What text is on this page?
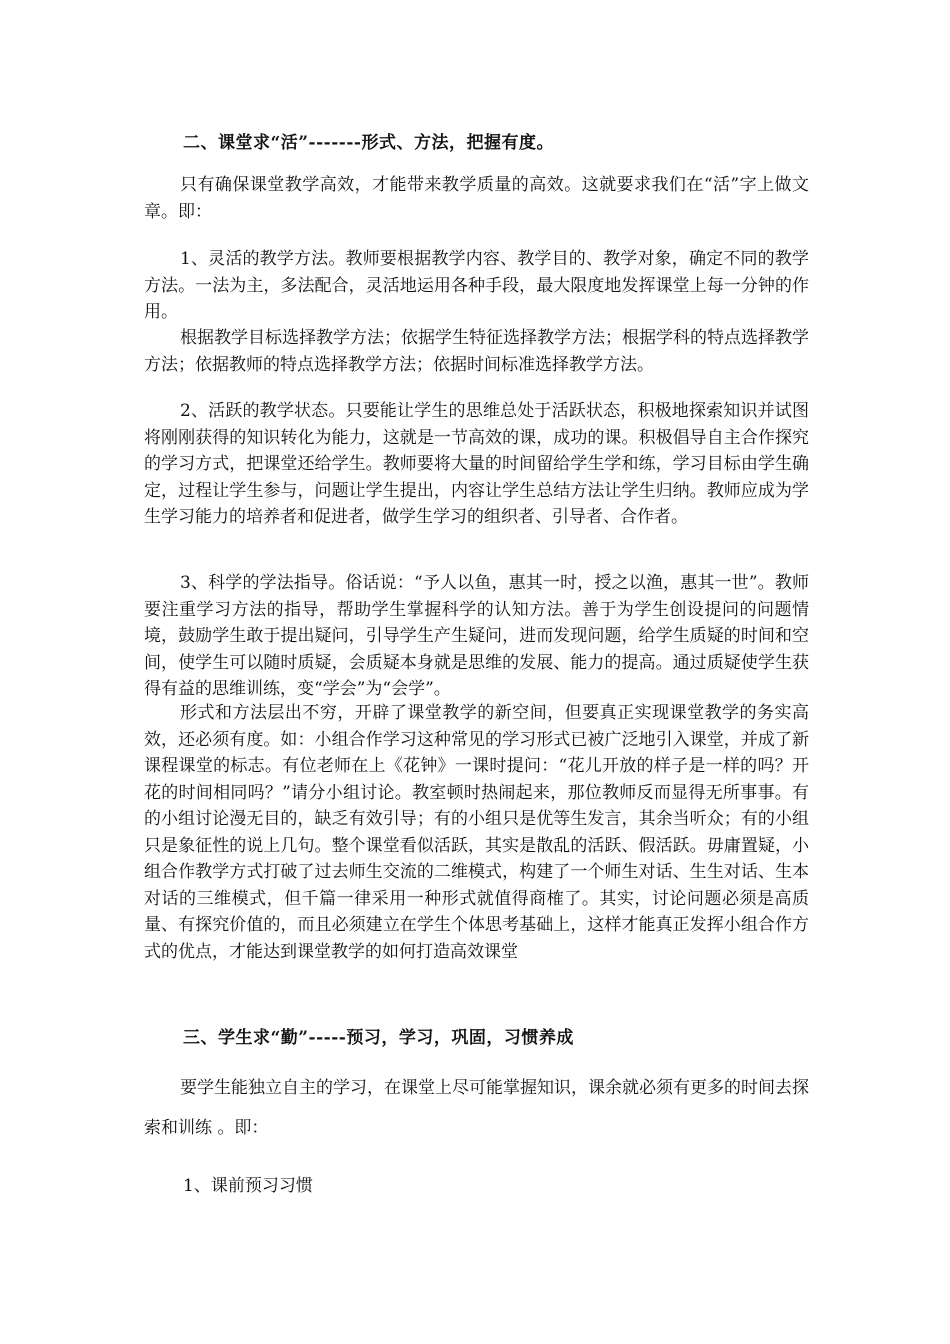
二、课堂求“活”-------形式、方法，把握有度。

只有确保课堂教学高效，才能带来教学质量的高效。这就要求我们在“活”字上做文章。即：

1、灵活的教学方法。教师要根据教学内容、教学目的、教学对象，确定不同的教学方法。一法为主，多法配合，灵活地运用各种手段，最大限度地发挥课堂上每一分钟的作用。

根据教学目标选择教学方法；依据学生特征选择教学方法；根据学科的特点选择教学方法；依据教师的特点选择教学方法；依据时间标准选择教学方法。

2、活跃的教学状态。只要能让学生的思维总处于活跃状态，积极地探索知识并试图将刚刚获得的知识转化为能力，这就是一节高效的课，成功的课。积极倡导自主合作探究的学习方式，把课堂还给学生。教师要将大量的时间留给学生学和练，学习目标由学生确定，过程让学生参与，问题让学生提出，内容让学生总结方法让学生归纳。教师应成为学生学习能力的培养者和促进者，做学生学习的组织者、引导者、合作者。

3、科学的学法指导。俗话说：“予人以鱼，惠其一时，授之以渔，惠其一世”。教师要注重学习方法的指导，帮助学生掌握科学的认知方法。善于为学生创设提问的问题情境，鼓励学生敢于提出疑问，引导学生产生疑问，进而发现问题，给学生质疑的时间和空间，使学生可以随时质疑，会质疑本身就是思维的发展、能力的提高。通过质疑使学生获得有益的思维训练，变“学会”为“会学”。

形式和方法层出不穷，开辟了课堂教学的新空间，但要真正实现课堂教学的务实高效，还必须有度。如：小组合作学习这种常见的学习形式已被广泛地引入课堂，并成了新课程课堂的标志。有位老师在上《花钟》一课时提问：“花儿开放的样子是一样的吗？开花的时间相同吗？”请分小组讨论。教室顿时热闹起来，那位教师反而显得无所事事。有的小组讨论漫无目的，缺乏有效引导；有的小组只是优等生发言，其余当听众；有的小组只是象征性的说上几句。整个课堂看似活跃，其实是散乱的活跃、假活跃。毋庸置疑，小组合作教学方式打破了过去师生交流的二维模式，构建了一个师生对话、生生对话、生本对话的三维模式，但千篇一律采用一种形式就值得商榷了。其实，讨论问题必须是高质量、有探究价值的，而且必须建立在学生个体思考基础上，这样才能真正发挥小组合作方式的优点，才能达到课堂教学的如何打造高效课堂

三、学生求“勤”-----预习，学习，巩固，习惯养成

要学生能独立自主的学习，在课堂上尽可能掌握知识，课余就必须有更多的时间去探索和训练 。即：

1、课前预习习惯
